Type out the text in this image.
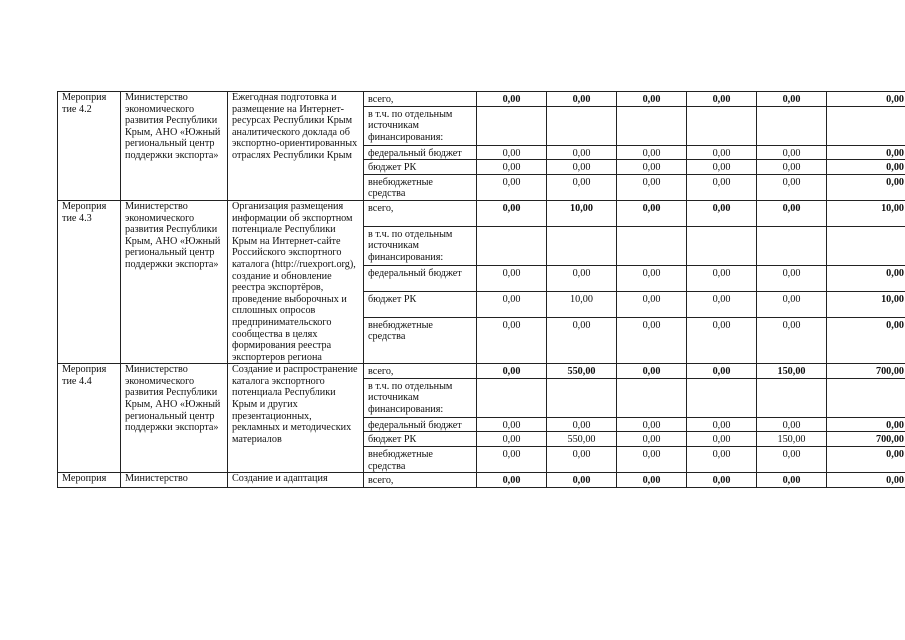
Мероприя тие 4.2	Министерство экономического развития Республики Крым, АНО «Южный региональный центр поддержки экспорта»	Ежегодная подготовка и размещение на Интернет-ресурсах Республики Крым аналитического доклада об экспортно-ориентированных отраслях Республики Крым	всего,	0,00	0,00	0,00	0,00	0,00	0,00
			в т.ч. по отдельным источникам финансирования:						
			федеральный бюджет	0,00	0,00	0,00	0,00	0,00	0,00
			бюджет РК	0,00	0,00	0,00	0,00	0,00	0,00
			внебюджетные средства	0,00	0,00	0,00	0,00	0,00	0,00
Мероприя тие 4.3	Министерство экономического развития Республики Крым, АНО «Южный региональный центр поддержки экспорта»	Организация размещения информации об экспортном потенциале Республики Крым на Интернет-сайте Российского экспортного каталога (http://ruexport.org), создание и обновление реестра экспортёров, проведение выборочных и сплошных опросов предпринимательского сообщества в целях формирования реестра экспортеров региона	всего,	0,00	10,00	0,00	0,00	0,00	10,00
			в т.ч. по отдельным источникам финансирования:						
			федеральный бюджет	0,00	0,00	0,00	0,00	0,00	0,00
			бюджет РК	0,00	10,00	0,00	0,00	0,00	10,00
			внебюджетные средства	0,00	0,00	0,00	0,00	0,00	0,00
Мероприя тие 4.4	Министерство экономического развития Республики Крым, АНО «Южный региональный центр поддержки экспорта»	Создание и распространение каталога экспортного потенциала Республики Крым и других презентационных, рекламных и методических материалов	всего,	0,00	550,00	0,00	0,00	150,00	700,00
			в т.ч. по отдельным источникам финансирования:						
			федеральный бюджет	0,00	0,00	0,00	0,00	0,00	0,00
			бюджет РК	0,00	550,00	0,00	0,00	150,00	700,00
			внебюджетные средства	0,00	0,00	0,00	0,00	0,00	0,00
Мероприя	Министерство	Создание и адаптация	всего,	0,00	0,00	0,00	0,00	0,00	0,00
